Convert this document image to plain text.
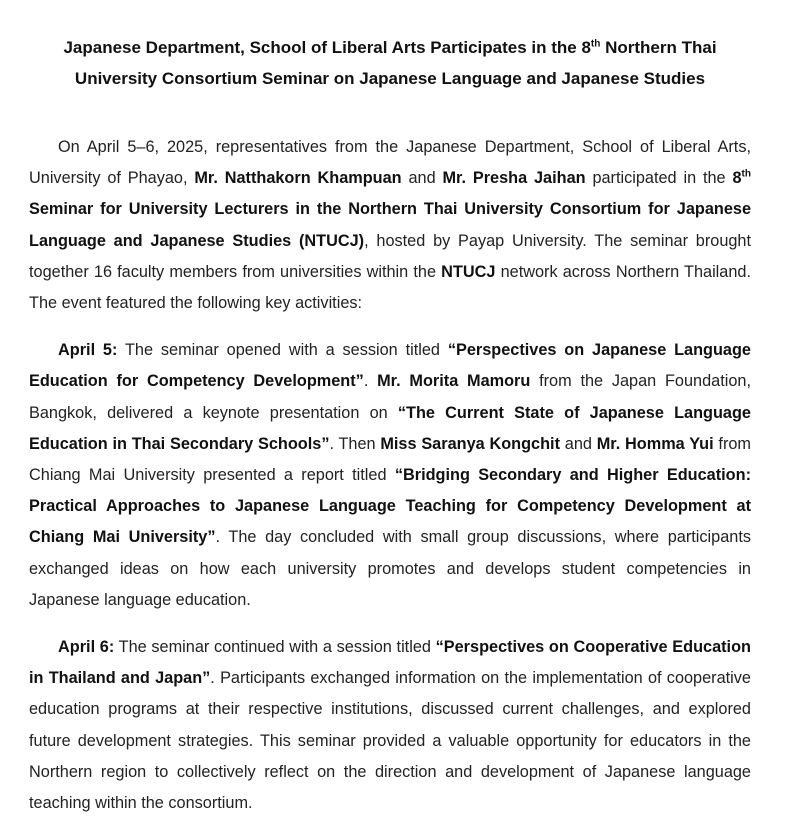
Japanese Department, School of Liberal Arts Participates in the 8th Northern Thai University Consortium Seminar on Japanese Language and Japanese Studies

On April 5–6, 2025, representatives from the Japanese Department, School of Liberal Arts, University of Phayao, Mr. Natthakorn Khampuan and Mr. Presha Jaihan participated in the 8th Seminar for University Lecturers in the Northern Thai University Consortium for Japanese Language and Japanese Studies (NTUCJ), hosted by Payap University. The seminar brought together 16 faculty members from universities within the NTUCJ network across Northern Thailand. The event featured the following key activities:

April 5: The seminar opened with a session titled “ Perspectives on Japanese Language Education for Competency Development ” . Mr. Morita Mamoru from the Japan Foundation, Bangkok, delivered a keynote presentation on “ The Current State of Japanese Language Education in Thai Secondary Schools ” . Then Miss Saranya Kongchit and Mr. Homma Yui from Chiang Mai University presented a report titled “ Bridging Secondary and Higher Education: Practical Approaches to Japanese Language Teaching for Competency Development at Chiang Mai University ” . The day concluded with small group discussions, where participants exchanged ideas on how each university promotes and develops student competencies in Japanese language education.

April 6: The seminar continued with a session titled “ Perspectives on Cooperative Education in Thailand and Japan ” . Participants exchanged information on the implementation of cooperative education programs at their respective institutions, discussed current challenges, and explored future development strategies. This seminar provided a valuable opportunity for educators in the Northern region to collectively reflect on the direction and development of Japanese language teaching within the consortium.
